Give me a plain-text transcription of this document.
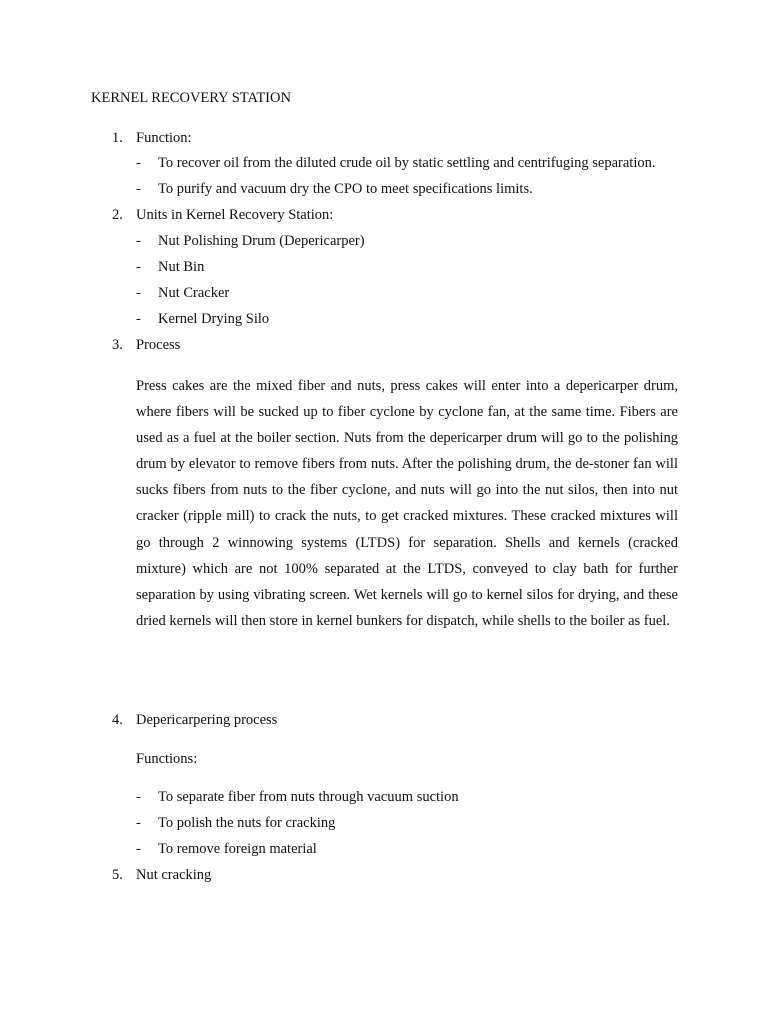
KERNEL RECOVERY STATION
1. Function:
- To recover oil from the diluted crude oil by static settling and centrifuging separation.
- To purify and vacuum dry the CPO to meet specifications limits.
2. Units in Kernel Recovery Station:
- Nut Polishing Drum (Depericarper)
- Nut Bin
- Nut Cracker
- Kernel Drying Silo
3. Process
Press cakes are the mixed fiber and nuts, press cakes will enter into a depericarper drum, where fibers will be sucked up to fiber cyclone by cyclone fan, at the same time. Fibers are used as a fuel at the boiler section. Nuts from the depericarper drum will go to the polishing drum by elevator to remove fibers from nuts. After the polishing drum, the de-stoner fan will sucks fibers from nuts to the fiber cyclone, and nuts will go into the nut silos, then into nut cracker (ripple mill) to crack the nuts, to get cracked mixtures. These cracked mixtures will go through 2 winnowing systems (LTDS) for separation. Shells and kernels (cracked mixture) which are not 100% separated at the LTDS, conveyed to clay bath for further separation by using vibrating screen. Wet kernels will go to kernel silos for drying, and these dried kernels will then store in kernel bunkers for dispatch, while shells to the boiler as fuel.
4. Depericarpering process
Functions:
- To separate fiber from nuts through vacuum suction
- To polish the nuts for cracking
- To remove foreign material
5. Nut cracking
